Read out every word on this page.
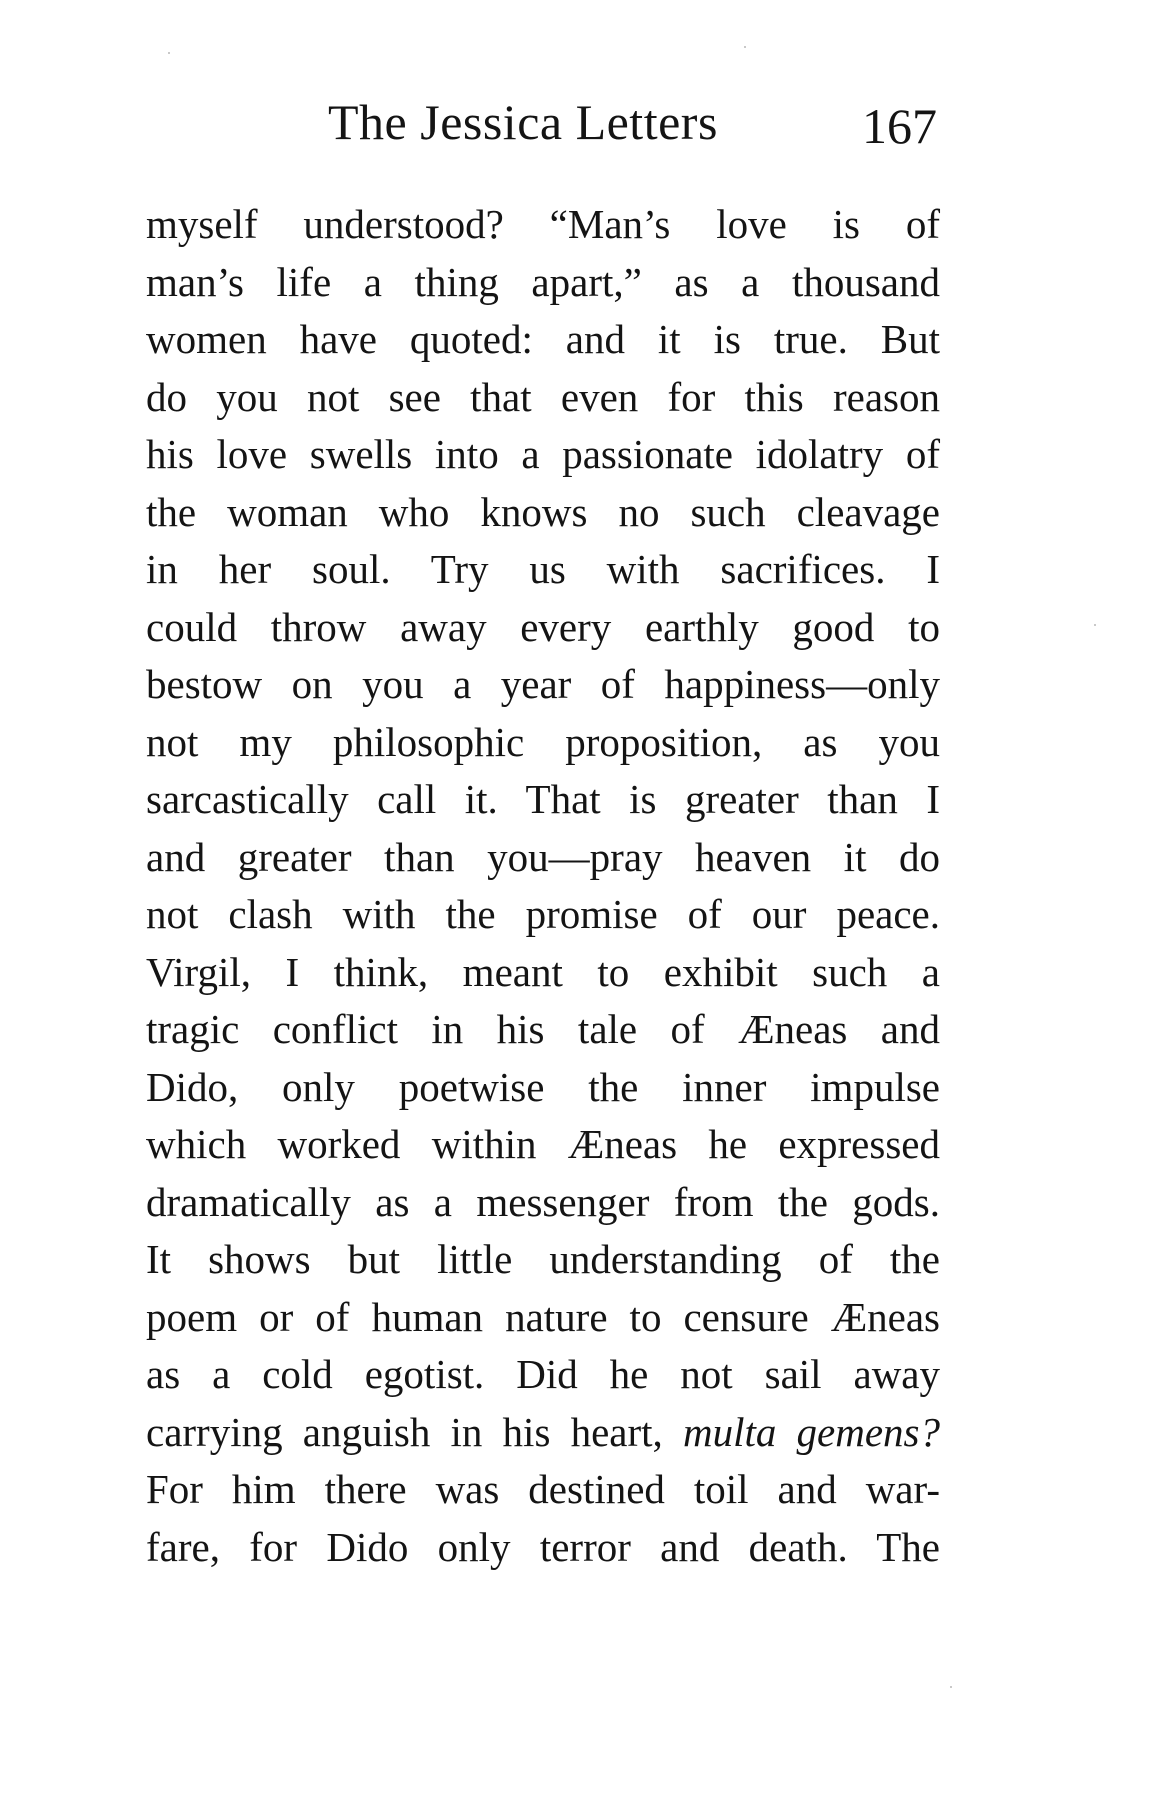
The Jessica Letters	167
myself understood? “Man’s love is of
man’s life a thing apart,” as a thousand
women have quoted: and it is true. But
do you not see that even for this reason
his love swells into a passionate idolatry of
the woman who knows no such cleavage
in her soul. Try us with sacrifices. I
could throw away every earthly good to
bestow on you a year of happiness—only
not my philosophic proposition, as you
sarcastically call it. That is greater than I
and greater than you—pray heaven it do
not clash with the promise of our peace.
Virgil, I think, meant to exhibit such a
tragic conflict in his tale of Æneas and
Dido, only poetwise the inner impulse
which worked within Æneas he expressed
dramatically as a messenger from the gods.
It shows but little understanding of the
poem or of human nature to censure Æneas
as a cold egotist. Did he not sail away
carrying anguish in his heart, multa gemens?
For him there was destined toil and war-
fare, for Dido only terror and death. The
